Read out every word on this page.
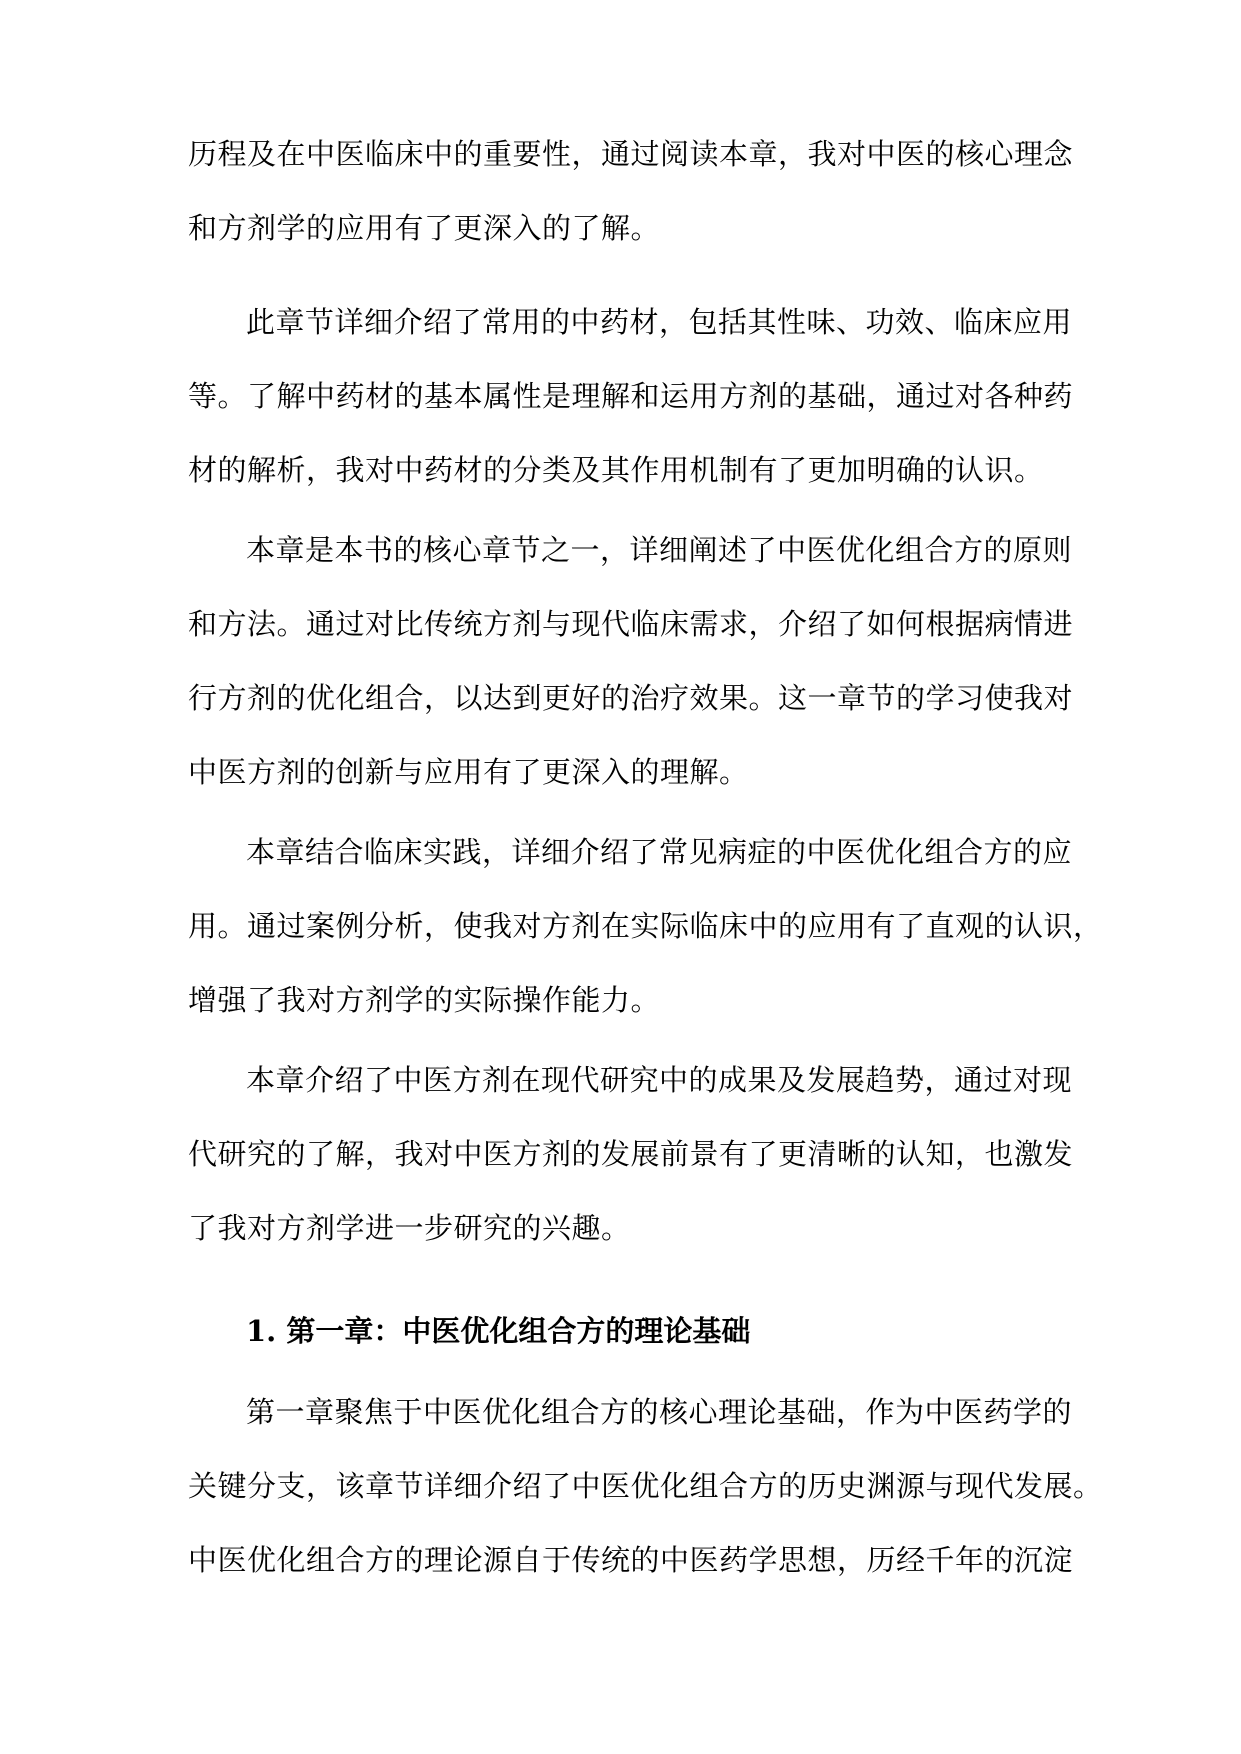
历程及在中医临床中的重要性，通过阅读本章，我对中医的核心理念
和方剂学的应用有了更深入的了解。
此章节详细介绍了常用的中药材，包括其性味、功效、临床应用
等。了解中药材的基本属性是理解和运用方剂的基础，通过对各种药
材的解析，我对中药材的分类及其作用机制有了更加明确的认识。
本章是本书的核心章节之一，详细阐述了中医优化组合方的原则
和方法。通过对比传统方剂与现代临床需求，介绍了如何根据病情进
行方剂的优化组合，以达到更好的治疗效果。这一章节的学习使我对
中医方剂的创新与应用有了更深入的理解。
本章结合临床实践，详细介绍了常见病症的中医优化组合方的应
用。通过案例分析，使我对方剂在实际临床中的应用有了直观的认识，
增强了我对方剂学的实际操作能力。
本章介绍了中医方剂在现代研究中的成果及发展趋势，通过对现
代研究的了解，我对中医方剂的发展前景有了更清晰的认知，也激发
了我对方剂学进一步研究的兴趣。
1. 第一章：中医优化组合方的理论基础
第一章聚焦于中医优化组合方的核心理论基础，作为中医药学的
关键分支，该章节详细介绍了中医优化组合方的历史渊源与现代发展。
中医优化组合方的理论源自于传统的中医药学思想，历经千年的沉淀
